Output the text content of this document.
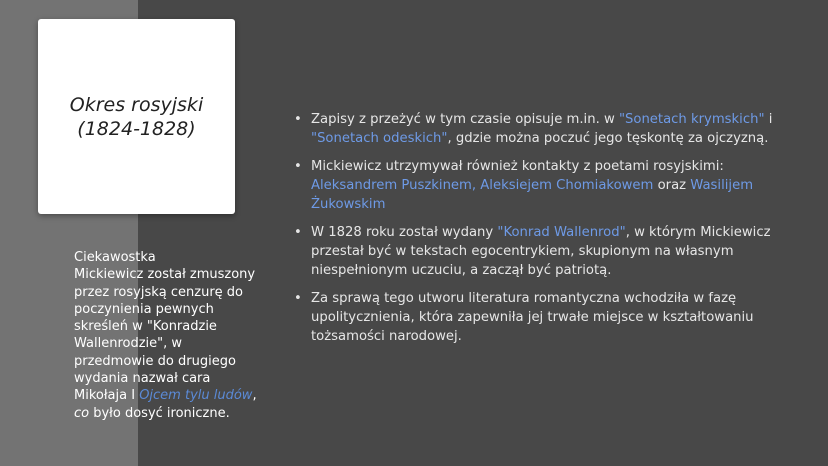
Okres rosyjski
(1824-1828)
Ciekawostka
Mickiewicz został zmuszony przez rosyjską cenzurę do poczynienia pewnych skreśleń w "Konradzie Wallenrodzie", w przedmowie do drugiego wydania nazwał cara Mikołaja I Ojcem tylu ludów, co było dosyć ironiczne.
• Zapisy z przeżyć w tym czasie opisuje m.in. w "Sonetach krymskich" i "Sonetach odeskich", gdzie można poczuć jego tęskontę za ojczyzną.
• Mickiewicz utrzymywał również kontakty z poetami rosyjskimi: Aleksandrem Puszkinem, Aleksiejem Chomiakowem oraz Wasilijem Żukowskim
• W 1828 roku został wydany "Konrad Wallenrod", w którym Mickiewicz przestał być w tekstach egocentrykiem, skupionym na własnym niespełnionym uczuciu, a zaczął być patriotą.
• Za sprawą tego utworu literatura romantyczna wchodziła w fazę upolitycznienia, która zapewniła jej trwałe miejsce w kształtowaniu tożsamości narodowej.
